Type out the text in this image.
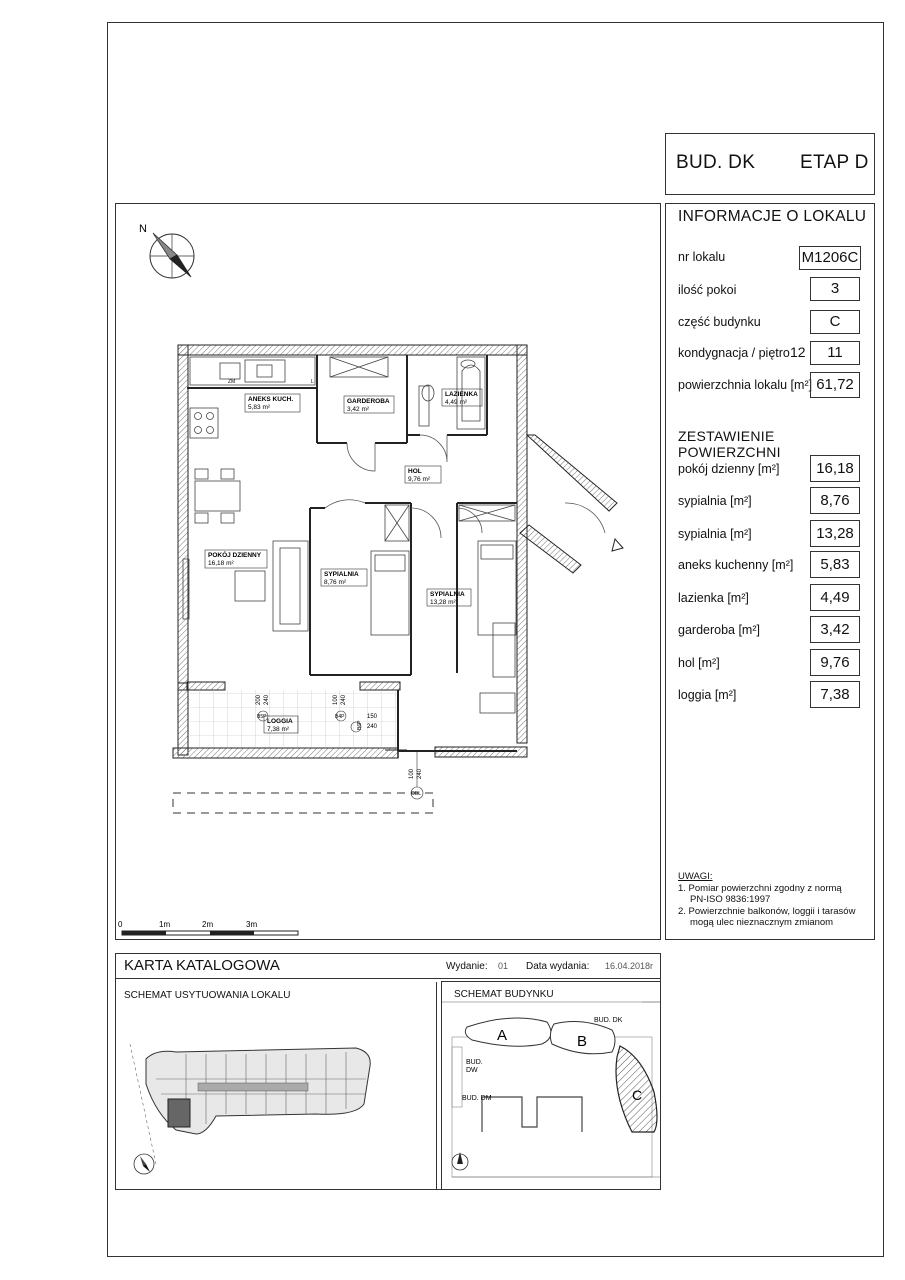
BUD. DK ETAP D
INFORMACJE O LOKALU
nr lokalu	M1206C
ilość pokoi	3
część budynku	C
kondygnacja / piętro 12	11
powierzchnia lokalu [m²] 61,72
ZESTAWIENIE POWIERZCHNI
pokój dzienny [m²]	16,18
sypialnia [m²]	8,76
sypialnia [m²]	13,28
aneks kuchenny [m²]	5,83
lazienka [m²]	4,49
garderoba [m²]	3,42
hol [m²]	9,76
loggia [m²]	7,38
UWAGI:
1. Pomiar powierzchni zgodny z normą
PN-ISO 9836:1997
2. Powierzchnie balkonów, loggii i tarasów
mogą ulec nieznacznym zmianom
N
ZM	L
ANEKS KUCH.
5,83 m²
GARDEROBA
3,42 m²
LAZIENKA
4,49 m²
HOL
9,76 m²
POKÓJ DZIENNY
16,18 m²
SYPIALNIA
8,76 m²
SYPIALNIA
13,28 m²
LOGGIA
7,38 m²
200 240	100 240
B5P	B4P
B6P
150
240
100 240
OBL
0	1m	2m	3m
KARTA KATALOGOWA	Wydanie: 01 Data wydania: 16.04.2018r
SCHEMAT USYTUOWANIA LOKALU	SCHEMAT BUDYNKU
A	B
BUD. DK
C
BUD.
DW
BUD. DM
